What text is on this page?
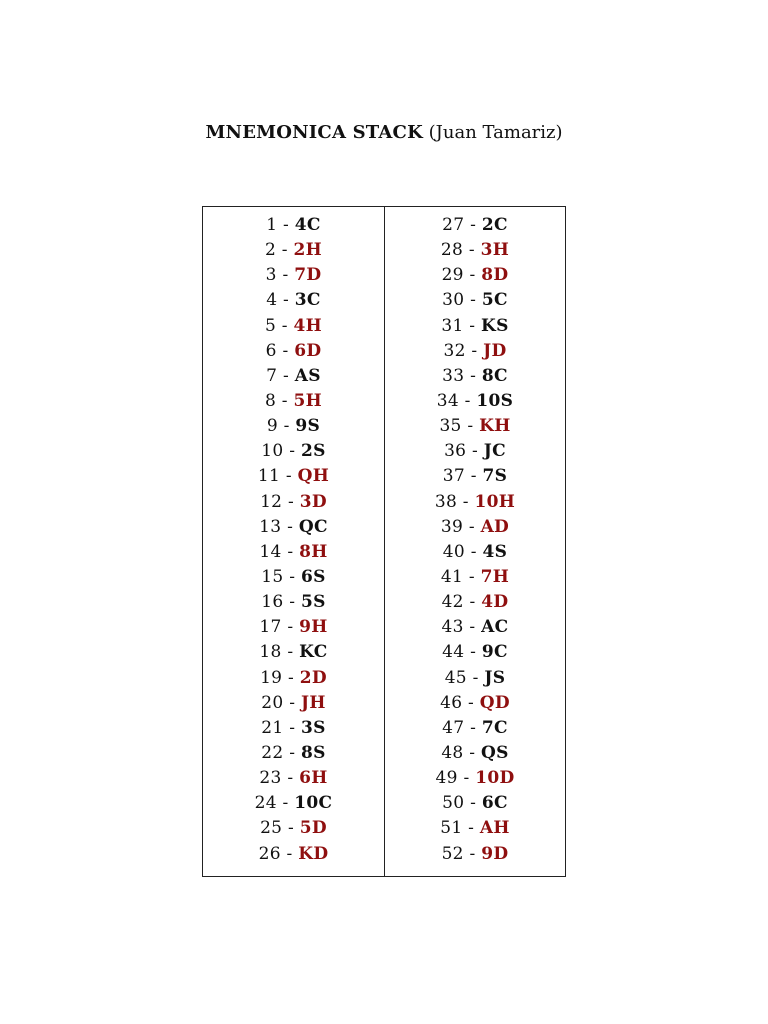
MNEMONICA STACK (Juan Tamariz)
1 - 4C
2 - 2H
3 - 7D
4 - 3C
5 - 4H
6 - 6D
7 - AS
8 - 5H
9 - 9S
10 - 2S
11 - QH
12 - 3D
13 - QC
14 - 8H
15 - 6S
16 - 5S
17 - 9H
18 - KC
19 - 2D
20 - JH
21 - 3S
22 - 8S
23 - 6H
24 - 10C
25 - 5D
26 - KD
27 - 2C
28 - 3H
29 - 8D
30 - 5C
31 - KS
32 - JD
33 - 8C
34 - 10S
35 - KH
36 - JC
37 - 7S
38 - 10H
39 - AD
40 - 4S
41 - 7H
42 - 4D
43 - AC
44 - 9C
45 - JS
46 - QD
47 - 7C
48 - QS
49 - 10D
50 - 6C
51 - AH
52 - 9D
